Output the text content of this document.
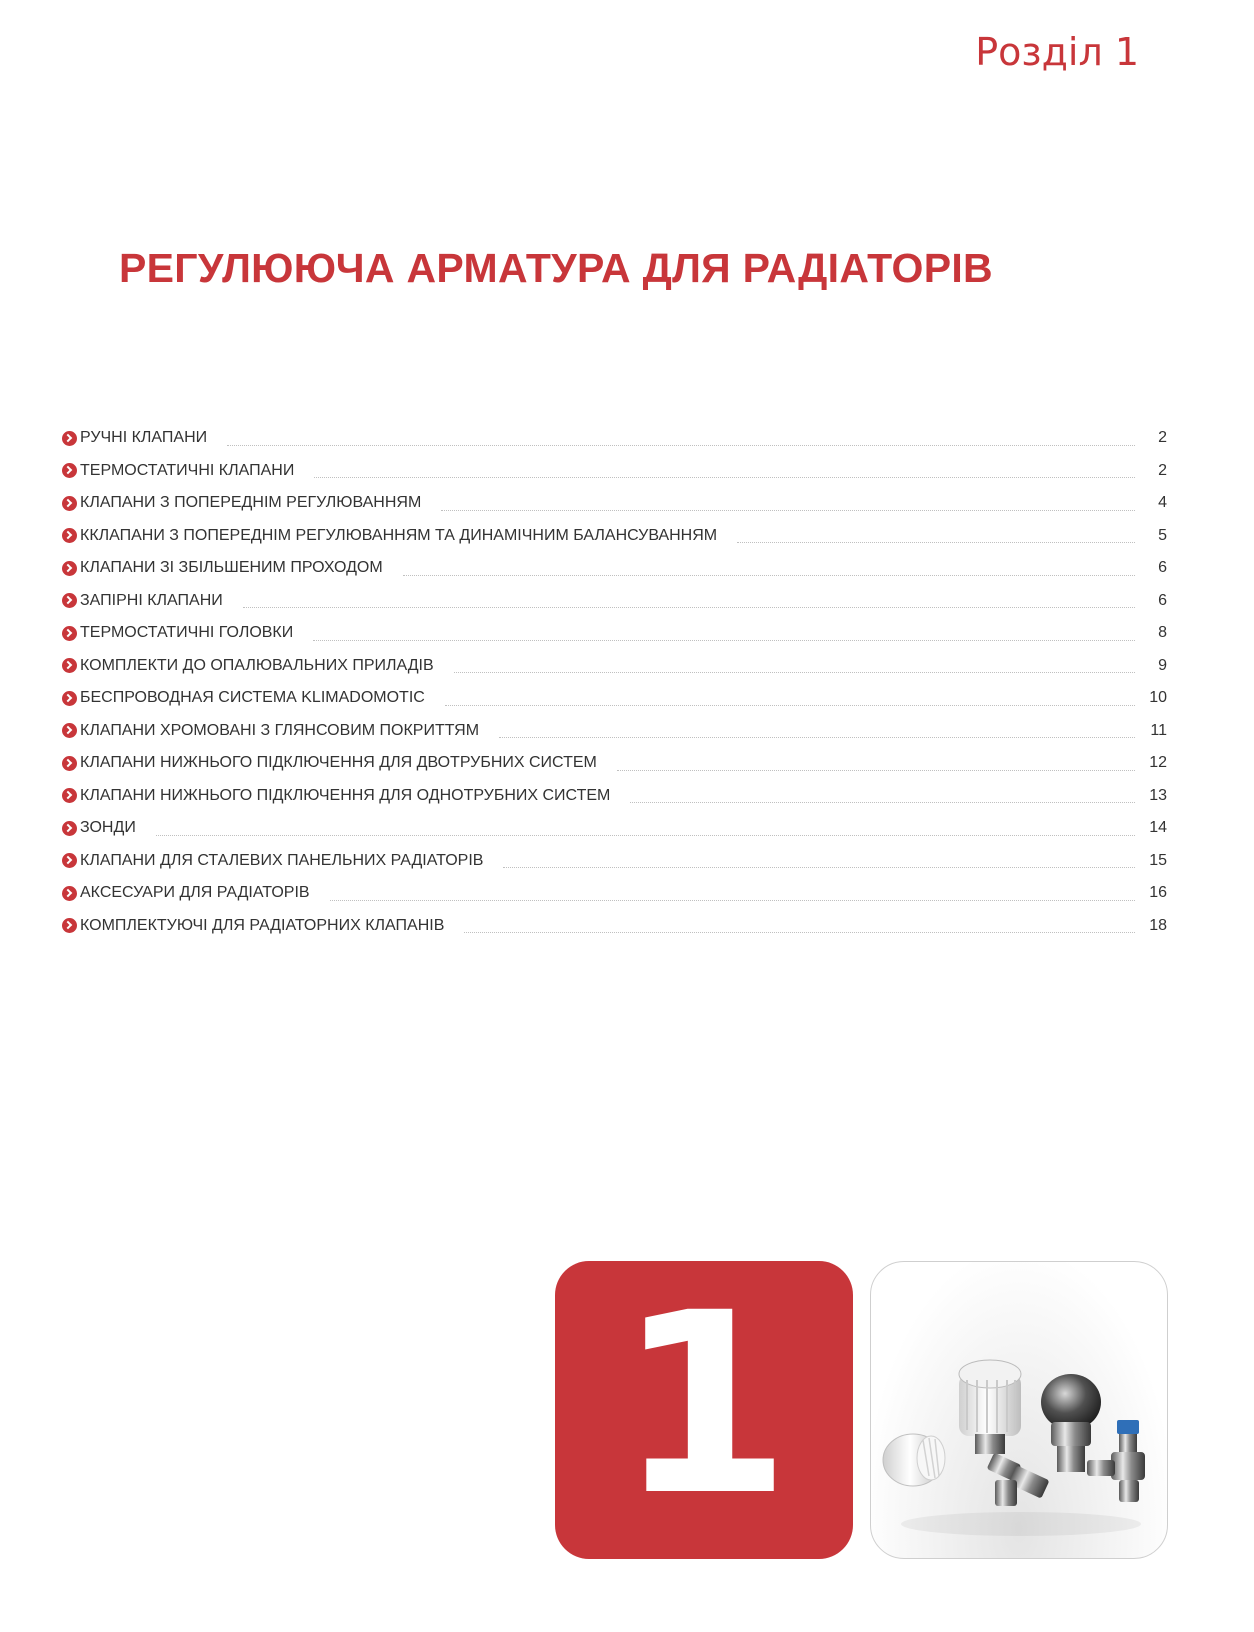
Розділ 1
РЕГУЛЮЮЧА АРМАТУРА ДЛЯ РАДІАТОРІВ
РУЧНІ КЛАПАНИ	2
ТЕРМОСТАТИЧНІ КЛАПАНИ	2
КЛАПАНИ З ПОПЕРЕДНІМ РЕГУЛЮВАННЯМ	4
ККЛАПАНИ З ПОПЕРЕДНІМ РЕГУЛЮВАННЯМ ТА ДИНАМІЧНИМ БАЛАНСУВАННЯМ	5
КЛАПАНИ ЗІ ЗБІЛЬШЕНИМ ПРОХОДОМ	6
ЗАПІРНІ КЛАПАНИ	6
ТЕРМОСТАТИЧНІ ГОЛОВКИ	8
КОМПЛЕКТИ ДО ОПАЛЮВАЛЬНИХ ПРИЛАДІВ	9
БЕСПРОВОДНАЯ СИСТЕМА KLIMADOMOTIC	10
КЛАПАНИ ХРОМОВАНІ З ГЛЯНСОВИМ ПОКРИТТЯМ	11
КЛАПАНИ НИЖНЬОГО ПІДКЛЮЧЕННЯ ДЛЯ ДВОТРУБНИХ СИСТЕМ	12
КЛАПАНИ НИЖНЬОГО ПІДКЛЮЧЕННЯ ДЛЯ ОДНОТРУБНИХ СИСТЕМ	13
ЗОНДИ	14
КЛАПАНИ ДЛЯ СТАЛЕВИХ ПАНЕЛЬНИХ РАДІАТОРІВ	15
АКСЕСУАРИ ДЛЯ РАДІАТОРІВ	16
КОМПЛЕКТУЮЧІ ДЛЯ РАДІАТОРНИХ КЛАПАНІВ	18
1
